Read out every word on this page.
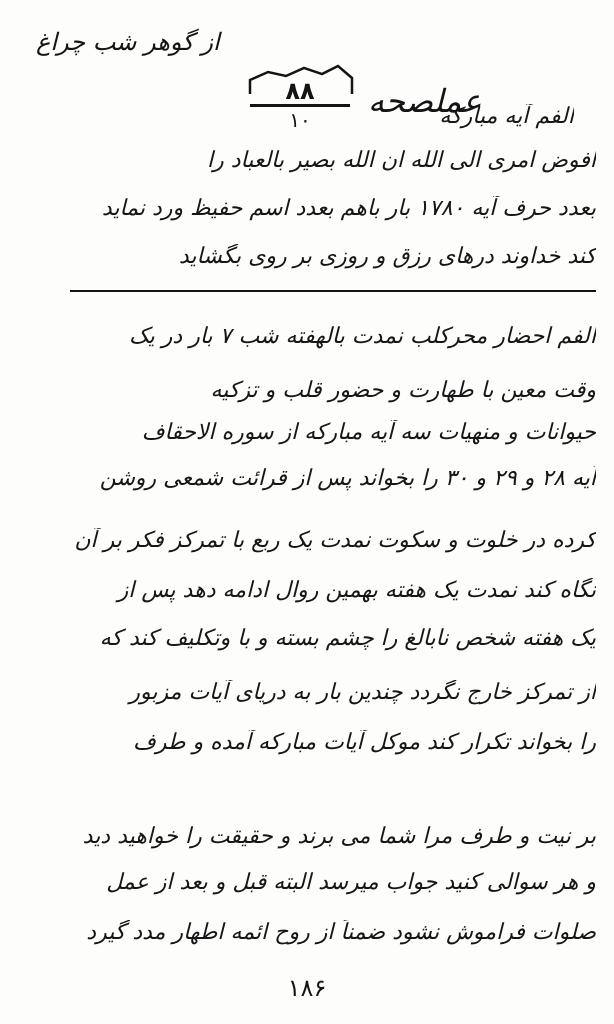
از گوهر شب چراغ
۸۸
۱۰	عملصحه
الفم آیه مبارکه
افوض امری الی الله ان الله بصیر بالعباد را
بعدد حرف آیه ۱۷۸۰ بار باهم بعدد اسم حفیظ ورد نماید
کند خداوند درهای رزق و روزی بر روی بگشاید
الفم احضار محرکلب نمدت بالهفته شب ۷ بار در یک
وقت معین با طهارت و حضور قلب و تزکیه
حیوانات و منهیات سه آیه مبارکه از سوره الاحقاف
آیه ۲۸ و ۲۹ و ۳۰ را بخواند پس از قرائت شمعی روشن
کرده در خلوت و سکوت نمدت یک ربع با تمرکز فکر بر آن
نگاه کند نمدت یک هفته بهمین روال ادامه دهد پس از
یک هفته شخص نابالغ را چشم بسته و با وتکلیف کند که
از تمرکز خارج نگردد چندین بار به دریای آیات مزبور
را بخواند تکرار کند موکل آیات مبارکه آمده و طرف
بر نیت و طرف مرا شما می برند و حقیقت را خواهید دید
و هر سوالی کنید جواب میرسد البته قبل و بعد از عمل
صلوات فراموش نشود ضمناً از روح ائمه اطهار مدد گیرد
۱۸۶
